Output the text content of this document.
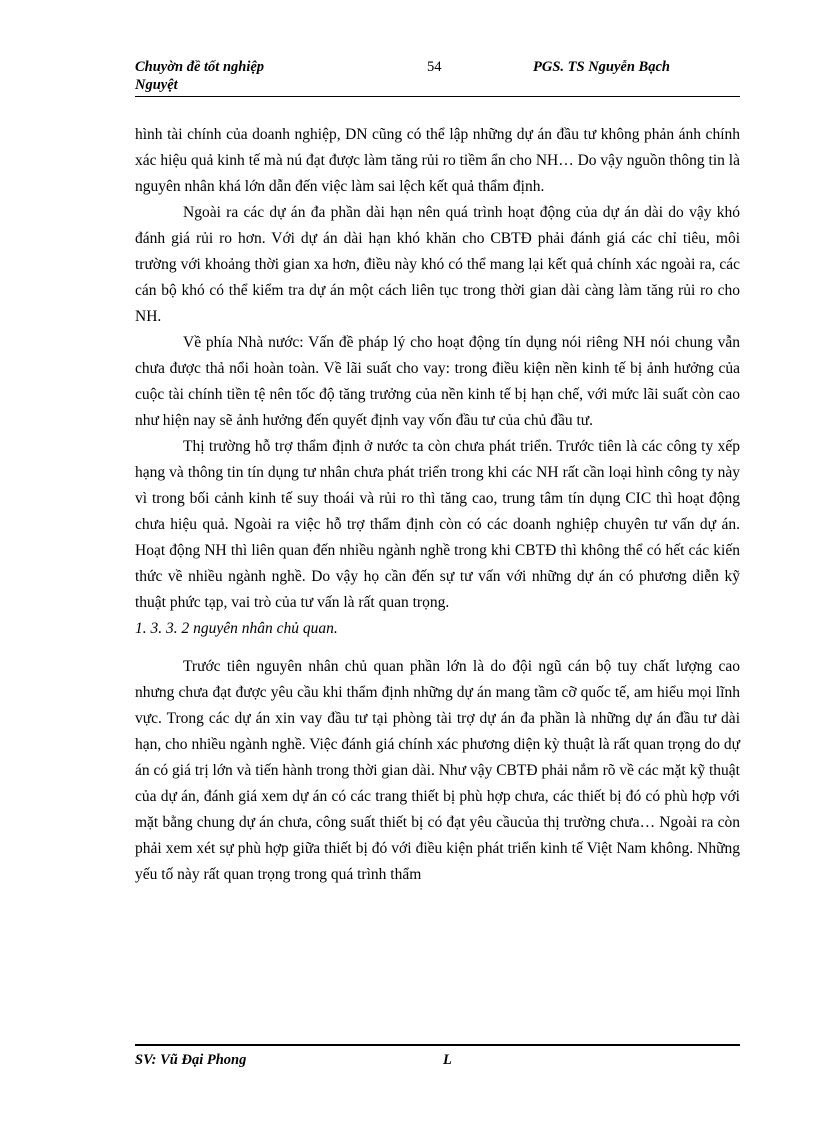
Chuyờn đề tốt nghiệp Nguyệt
54	PGS. TS Nguyễn Bạch

hình tài chính của doanh nghiệp, DN cũng có thể lập những dự án đầu tư không phản ánh chính xác hiệu quả kinh tế mà nú đạt được làm tăng rủi ro tiềm ẩn cho NH… Do vậy nguồn thông tin là nguyên nhân khá lớn dẫn đến việc làm sai lệch kết quả thẩm định.

Ngoài ra các dự án đa phần dài hạn nên quá trình hoạt động của dự án dài do vậy khó đánh giá rủi ro hơn. Với dự án dài hạn khó khăn cho CBTĐ phải đánh giá các chỉ tiêu, môi trường với khoảng thời gian xa hơn, điều này khó có thể mang lại kết quả chính xác ngoài ra, các cán bộ khó có thể kiểm tra dự án một cách liên tục trong thời gian dài càng làm tăng rủi ro cho NH.

Về phía Nhà nước: Vấn đề pháp lý cho hoạt động tín dụng nói riêng NH nói chung vẫn chưa được thả nổi hoàn toàn. Về lãi suất cho vay: trong điều kiện nền kinh tế bị ảnh hưởng của cuộc tài chính tiền tệ nên tốc độ tăng trưởng của nền kinh tế bị hạn chế, với mức lãi suất còn cao như hiện nay sẽ ảnh hưởng đến quyết định vay vốn đầu tư của chủ đầu tư.

Thị trường hỗ trợ thẩm định ở nước ta còn chưa phát triển. Trước tiên là các công ty xếp hạng và thông tin tín dụng tư nhân chưa phát triển trong khi các NH rất cần loại hình công ty này vì trong bối cảnh kinh tế suy thoái và rủi ro thì tăng cao, trung tâm tín dụng CIC thì hoạt động chưa hiệu quả. Ngoài ra việc hỗ trợ thẩm định còn có các doanh nghiệp chuyên tư vấn dự án. Hoạt động NH thì liên quan đến nhiều ngành nghề trong khi CBTĐ thì không thể có hết các kiến thức về nhiều ngành nghề. Do vậy họ cần đến sự tư vấn với những dự án có phương diễn kỹ thuật phức tạp, vai trò của tư vấn là rất quan trọng.

1. 3. 3. 2 nguyên nhân chủ quan.

Trước tiên nguyên nhân chủ quan phần lớn là do đội ngũ cán bộ tuy chất lượng cao nhưng chưa đạt được yêu cầu khi thẩm định những dự án mang tầm cỡ quốc tế, am hiểu mọi lĩnh vực. Trong các dự án xin vay đầu tư tại phòng tài trợ dự án đa phần là những dự án đầu tư dài hạn, cho nhiều ngành nghề. Việc đánh giá chính xác phương diện kỳ thuật là rất quan trọng do dự án có giá trị lớn và tiến hành trong thời gian dài. Như vậy CBTĐ phải nắm rõ về các mặt kỹ thuật của dự án, đánh giá xem dự án có các trang thiết bị phù hợp chưa, các thiết bị đó có phù hợp với mặt bằng chung dự án chưa, công suất thiết bị có đạt yêu cầucủa thị trường chưa… Ngoài ra còn phải xem xét sự phù hợp giữa thiết bị đó với điều kiện phát triển kinh tế Việt Nam không. Những yếu tố này rất quan trọng trong quá trình thẩm

SV: Vũ Đại Phong	L
